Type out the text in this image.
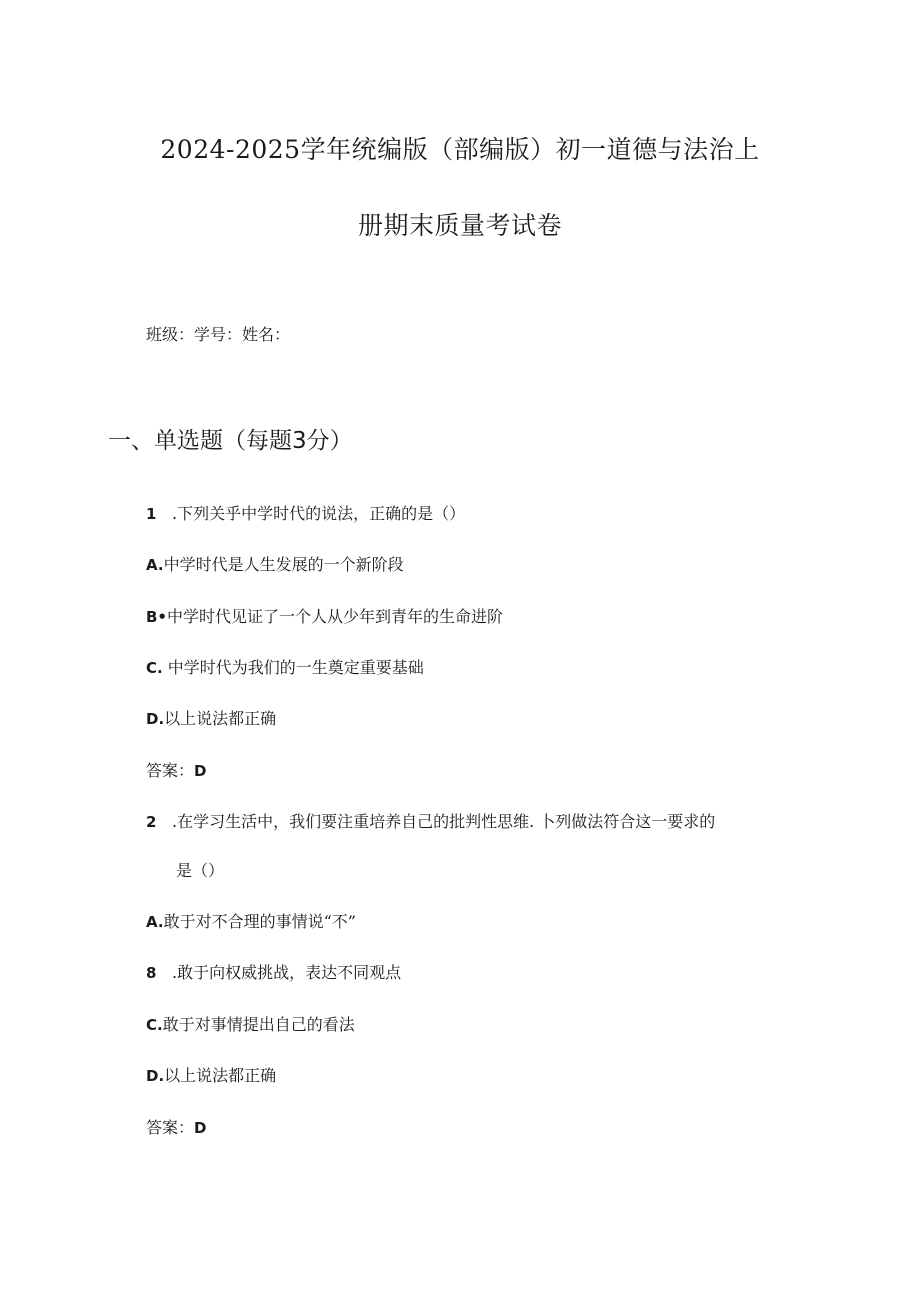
2024-2025学年统编版（部编版）初一道德与法治上
册期末质量考试卷
班级：学号：姓名：
一、单选题（每题3分）
1 .下列关乎中学时代的说法，正确的是（）
A.中学时代是人生发展的一个新阶段
B•中学时代见证了一个人从少年到青年的生命进阶
C. 中学时代为我们的一生奠定重要基础
D.以上说法都正确
答案：D
2 .在学习生活中，我们要注重培养自己的批判性思维. 卜列做法符合这一要求的
是（）
A.敢于对不合理的事情说“不”
8 .敢于向权威挑战，表达不同观点
C.敢于对事情提出自己的看法
D.以上说法都正确
答案：D
